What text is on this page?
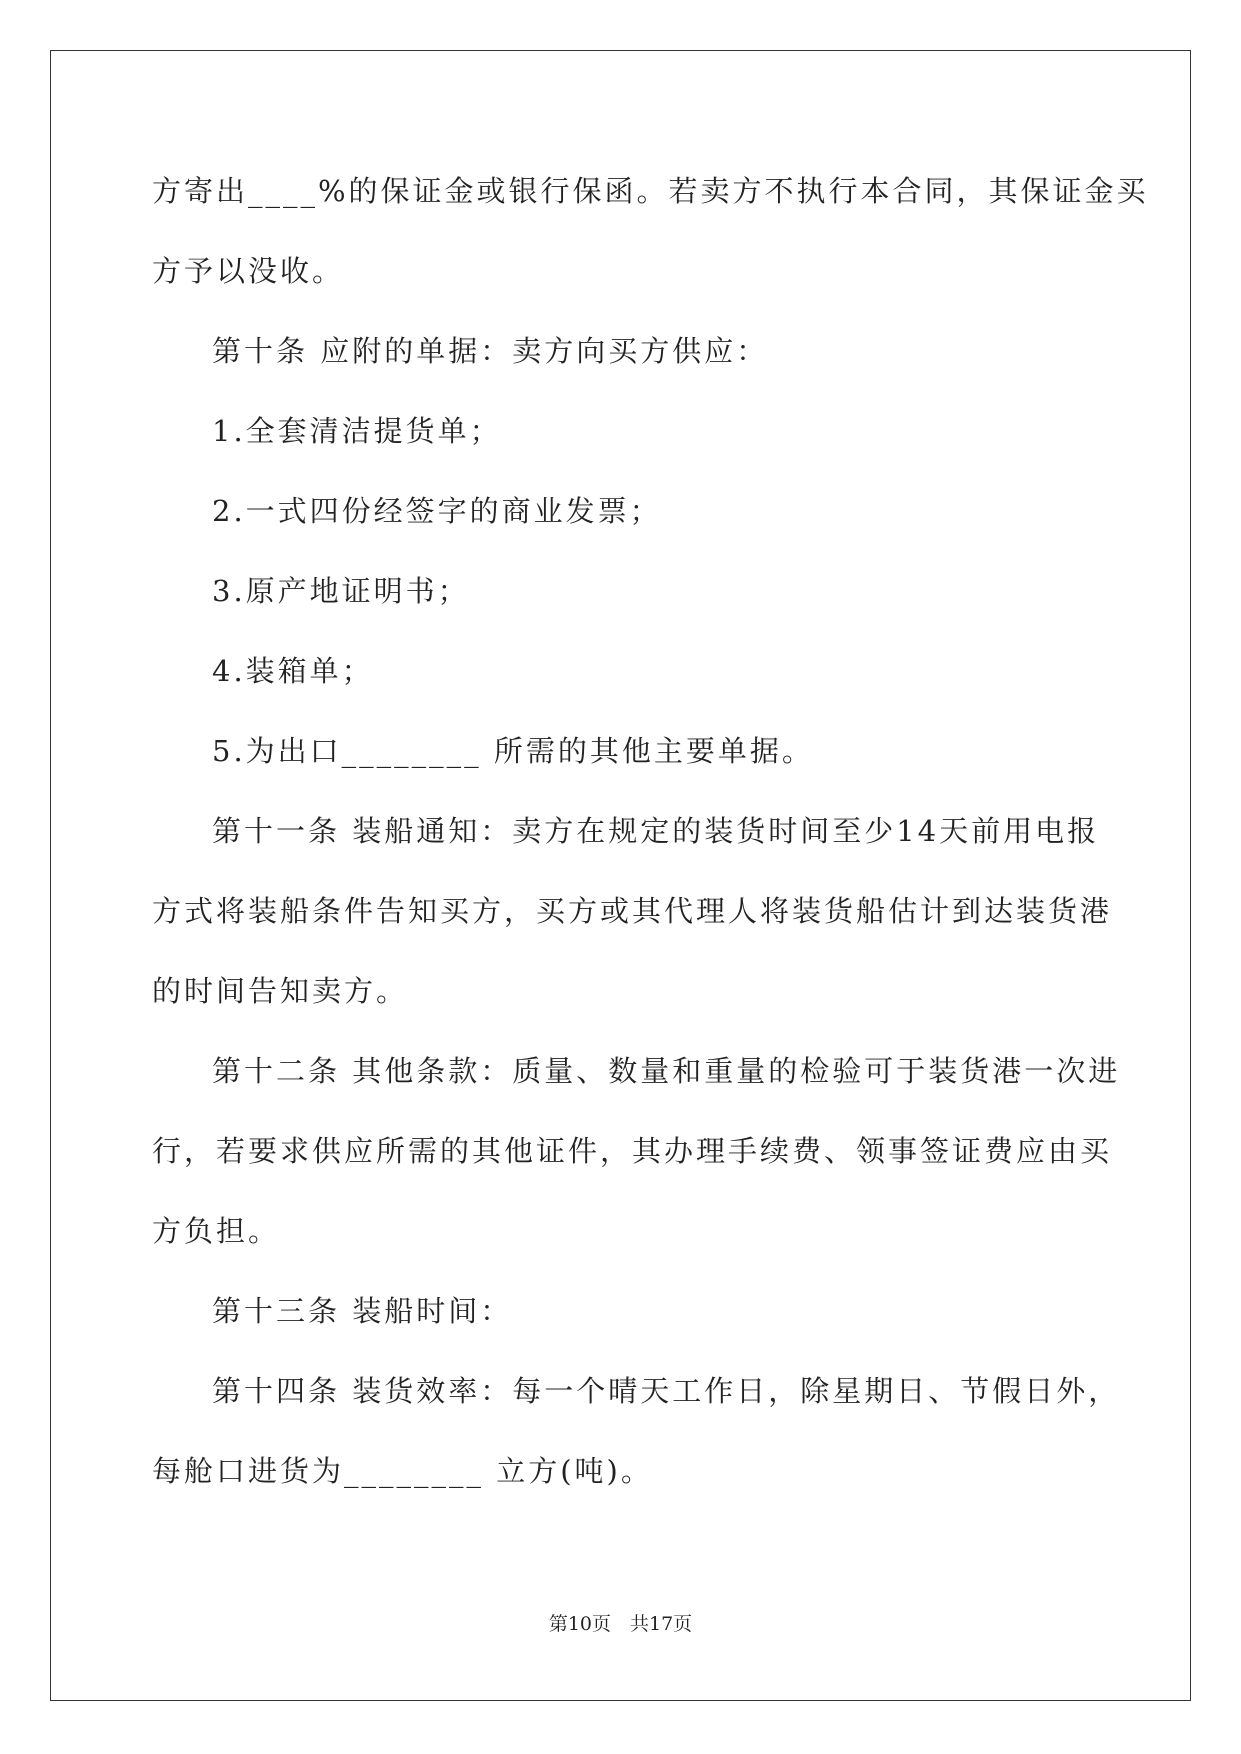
方寄出____%的保证金或银行保函。若卖方不执行本合同，其保证金买
方予以没收。
第十条 应附的单据：卖方向买方供应：
1.全套清洁提货单；
2.一式四份经签字的商业发票；
3.原产地证明书；
4.装箱单；
5.为出口________ 所需的其他主要单据。
第十一条 装船通知：卖方在规定的装货时间至少14天前用电报
方式将装船条件告知买方，买方或其代理人将装货船估计到达装货港
的时间告知卖方。
第十二条 其他条款：质量、数量和重量的检验可于装货港一次进
行，若要求供应所需的其他证件，其办理手续费、领事签证费应由买
方负担。
第十三条 装船时间：
第十四条 装货效率：每一个晴天工作日，除星期日、节假日外，
每舱口进货为________ 立方(吨)。
第10页　共17页
